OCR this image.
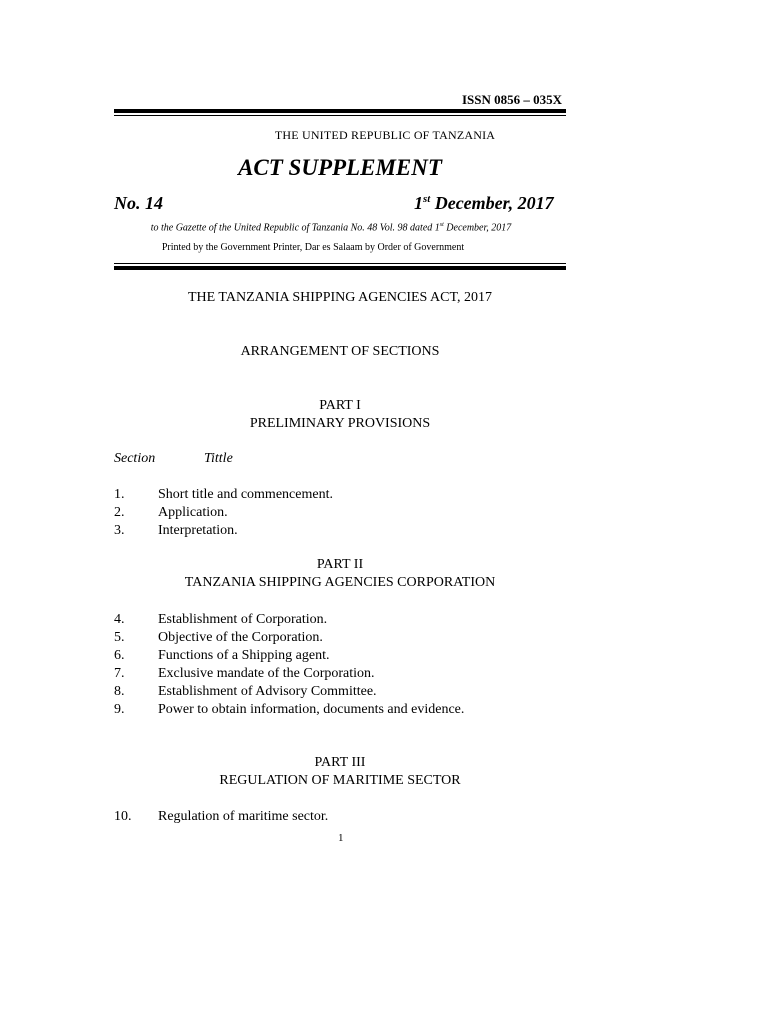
ISSN 0856 – 035X
THE UNITED REPUBLIC OF TANZANIA
ACT SUPPLEMENT
No. 14	1st December, 2017
to the Gazette of the United Republic of Tanzania No. 48 Vol. 98 dated 1st December, 2017
Printed by the Government Printer, Dar es Salaam by Order of Government
THE TANZANIA SHIPPING AGENCIES ACT, 2017
ARRANGEMENT OF SECTIONS
PART I
PRELIMINARY PROVISIONS
Section	Tittle
1. Short title and commencement.
2. Application.
3. Interpretation.
PART II
TANZANIA SHIPPING AGENCIES CORPORATION
4. Establishment of Corporation.
5. Objective of the Corporation.
6. Functions of a Shipping agent.
7. Exclusive mandate of the Corporation.
8. Establishment of Advisory Committee.
9. Power to obtain information, documents and evidence.
PART III
REGULATION OF MARITIME SECTOR
10. Regulation of maritime sector.
1
